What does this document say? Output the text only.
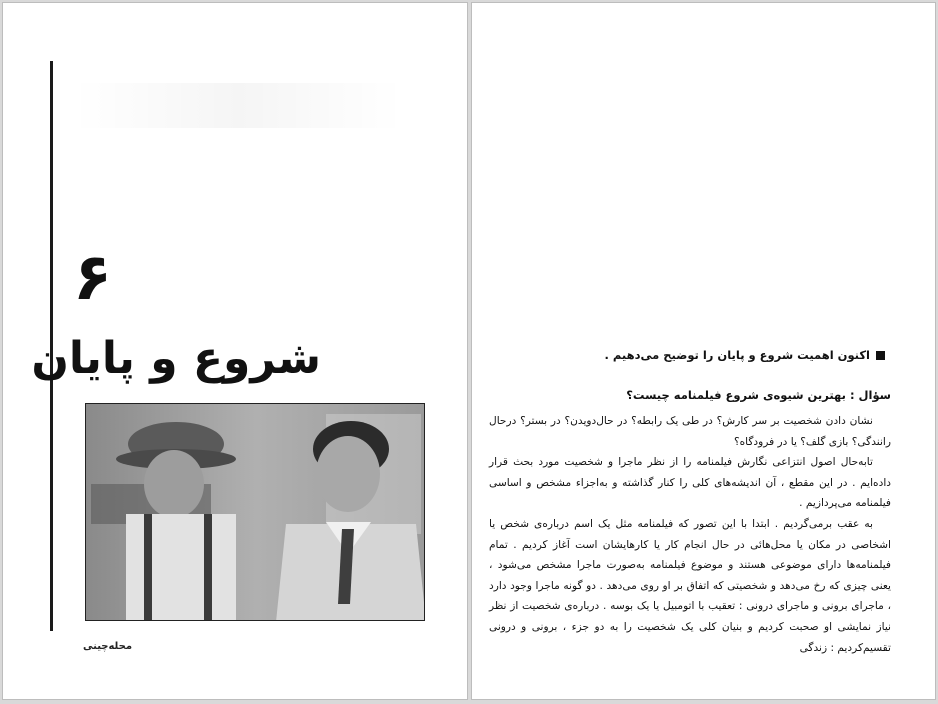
۶
شروع و پایان
محله‌چینی
اکنون اهمیت شروع و پایان را توضیح می‌دهیم .
سؤال : بهترین شیوه‌ی شروع فیلمنامه چیست؟

نشان دادن شخصیت بر سر کارش؟ در طی یک رابطه؟ در حال‌دویدن؟ در بستر؟ درحال رانندگی؟ بازی گلف؟ یا در فرودگاه؟

تابه‌حال اصول انتزاعی نگارش فیلمنامه را از نظر ماجرا و شخصیت مورد بحث قرار داده‌ایم . در این مقطع ، آن اندیشه‌های کلی را کنار گذاشته و به‌اجزاء مشخص و اساسی فیلمنامه می‌پردازیم .

به عقب برمی‌گردیم . ابتدا با این تصور که فیلمنامه مثل یک اسم درباره‌ی شخص یا اشخاصی در مکان یا محل‌هائی در حال انجام کار یا کارهایشان است آغاز کردیم . تمام فیلمنامه‌ها دارای موضوعی هستند و موضوع فیلمنامه به‌صورت ماجرا مشخص می‌شود ، یعنی چیزی که رخ می‌دهد و شخصیتی که اتفاق بر او روی می‌دهد . دو گونه ماجرا وجود دارد ، ماجرای برونی و ماجرای درونی : تعقیب با اتومبیل یا یک بوسه . درباره‌ی شخصیت از نظر نیاز نمایشی او صحبت کردیم و بنیان کلی یک شخصیت را به دو جزء ، برونی و درونی تقسیم‌کردیم : زندگی
